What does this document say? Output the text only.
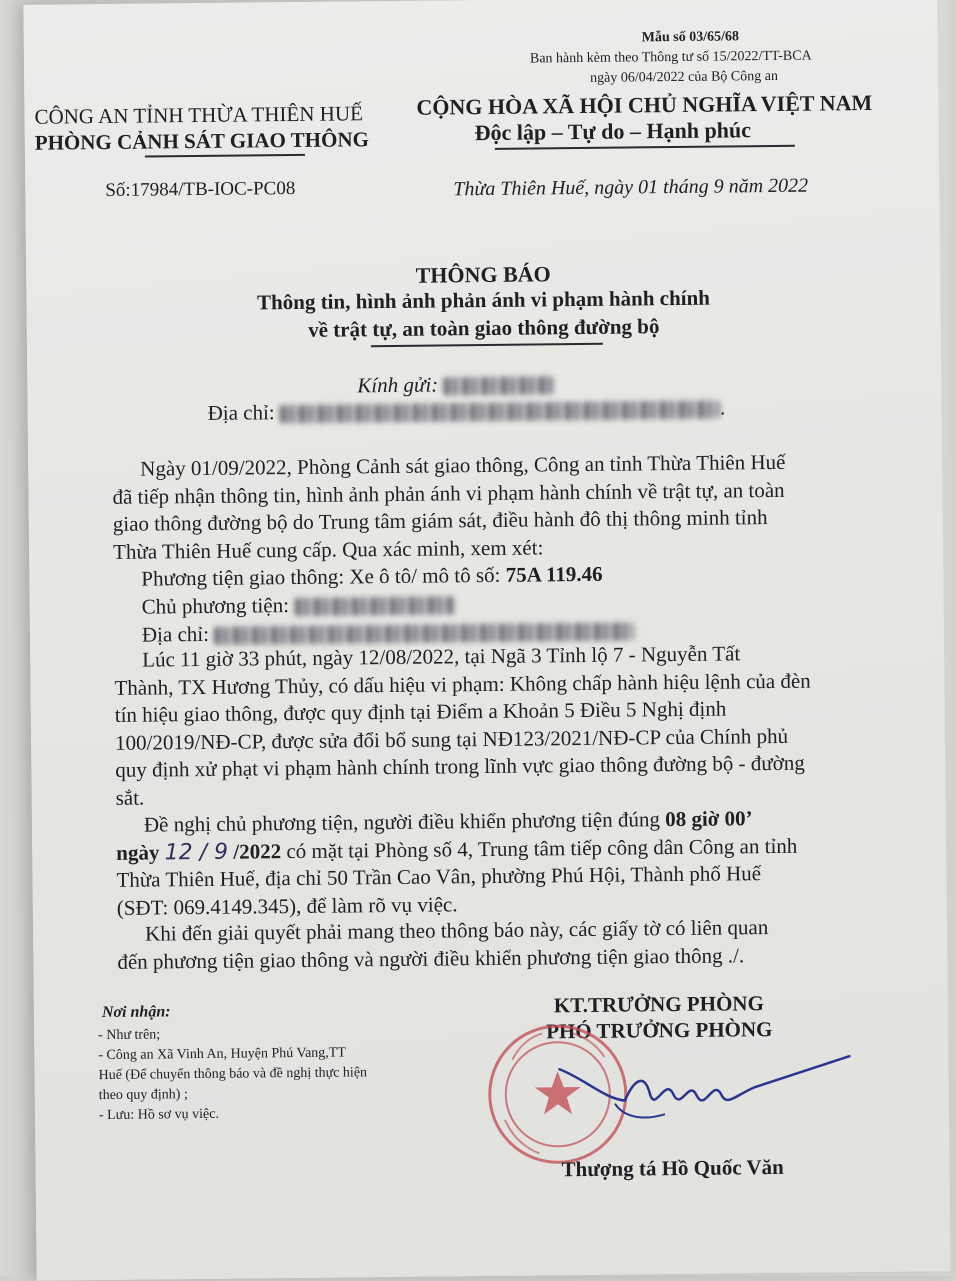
Mẫu số 03/65/68
Ban hành kèm theo Thông tư số 15/2022/TT-BCA
ngày 06/04/2022 của Bộ Công an
CÔNG AN TỈNH THỪA THIÊN HUẾ
PHÒNG CẢNH SÁT GIAO THÔNG
Số:17984/TB-IOC-PC08
CỘNG HÒA XÃ HỘI CHỦ NGHĨA VIỆT NAM
Độc lập – Tự do – Hạnh phúc
Thừa Thiên Huế, ngày 01 tháng 9 năm 2022
THÔNG BÁO
Thông tin, hình ảnh phản ánh vi phạm hành chính
về trật tự, an toàn giao thông đường bộ
Kính gửi:
Địa chỉ:	.
Ngày 01/09/2022, Phòng Cảnh sát giao thông, Công an tỉnh Thừa Thiên Huế
đã tiếp nhận thông tin, hình ảnh phản ánh vi phạm hành chính về trật tự, an toàn
giao thông đường bộ do Trung tâm giám sát, điều hành đô thị thông minh tỉnh
Thừa Thiên Huế cung cấp. Qua xác minh, xem xét:
Phương tiện giao thông: Xe ô tô/ mô tô số: 75A 119.46
Chủ phương tiện:
Địa chỉ:
Lúc 11 giờ 33 phút, ngày 12/08/2022, tại Ngã 3 Tỉnh lộ 7 - Nguyễn Tất
Thành, TX Hương Thủy, có dấu hiệu vi phạm: Không chấp hành hiệu lệnh của đèn
tín hiệu giao thông, được quy định tại Điểm a Khoản 5 Điều 5 Nghị định
100/2019/NĐ-CP, được sửa đổi bổ sung tại NĐ123/2021/NĐ-CP của Chính phủ
quy định xử phạt vi phạm hành chính trong lĩnh vực giao thông đường bộ - đường
sắt.
Đề nghị chủ phương tiện, người điều khiển phương tiện đúng 08 giờ 00’
ngày 12 / 9 /2022 có mặt tại Phòng số 4, Trung tâm tiếp công dân Công an tỉnh
Thừa Thiên Huế, địa chỉ 50 Trần Cao Vân, phường Phú Hội, Thành phố Huế
(SĐT: 069.4149.345), để làm rõ vụ việc.
Khi đến giải quyết phải mang theo thông báo này, các giấy tờ có liên quan
đến phương tiện giao thông và người điều khiển phương tiện giao thông ./.
Nơi nhận:
- Như trên;
- Công an Xã Vinh An, Huyện Phú Vang,TT
Huế (Để chuyển thông báo và đề nghị thực hiện
theo quy định) ;
- Lưu: Hồ sơ vụ việc.
KT.TRƯỞNG PHÒNG
PHÓ TRƯỞNG PHÒNG
Thượng tá Hồ Quốc Văn
